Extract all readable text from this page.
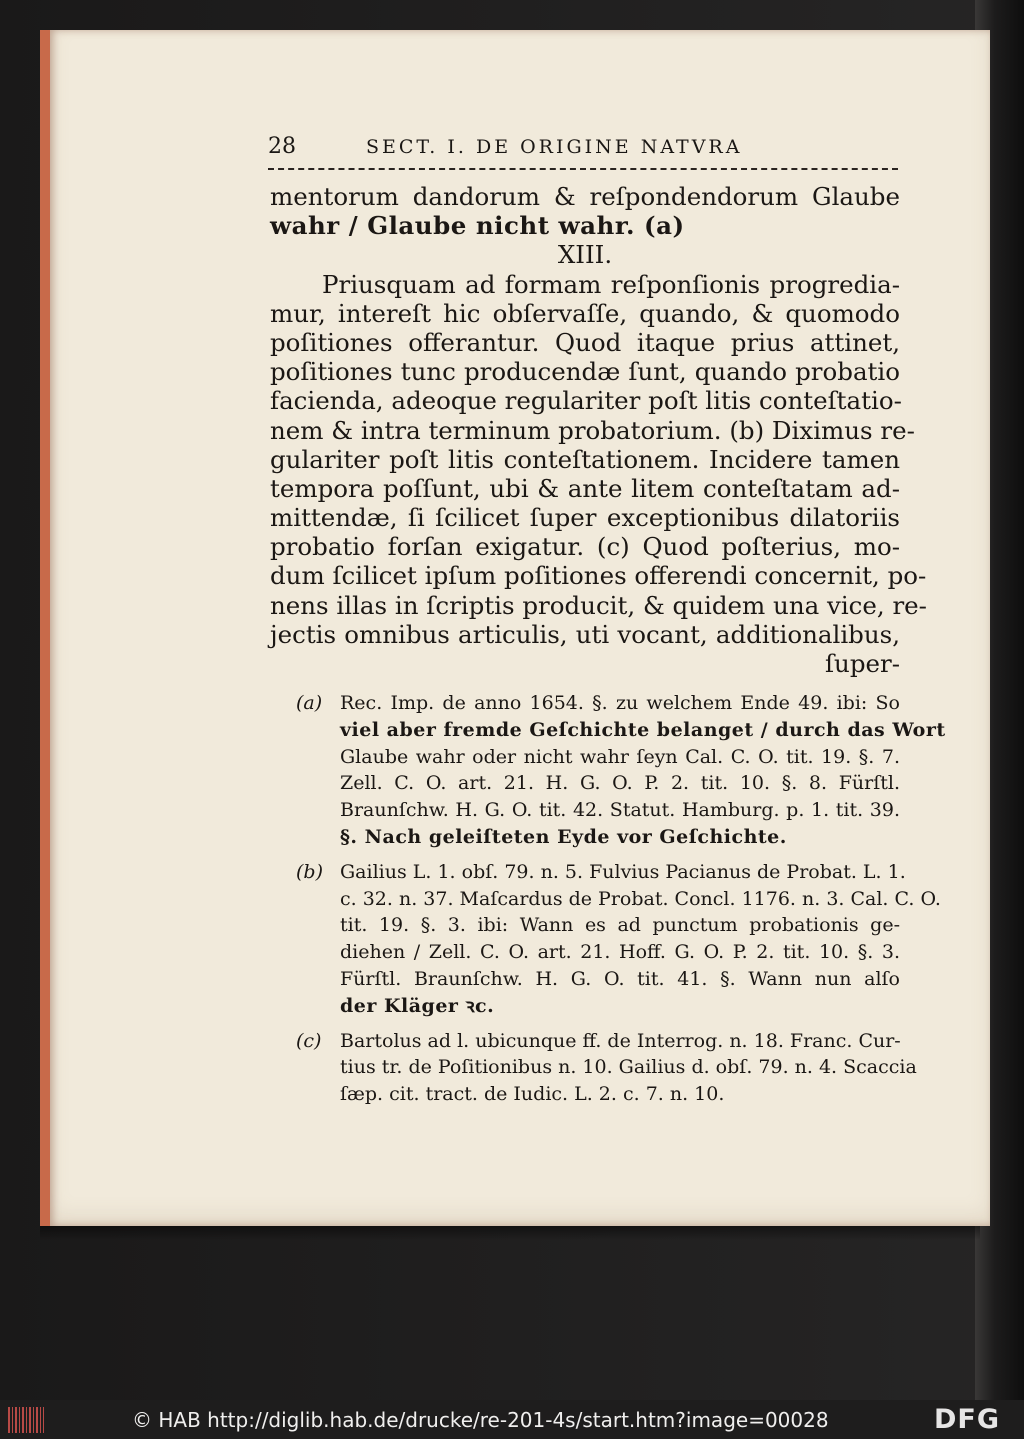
28	SECT. I. DE ORIGINE NATVRA
mentorum dandorum & reſpondendorum Glaube
wahr / Glaube nicht wahr. (a)
XIII.
Priusquam ad formam reſponſionis progredia-
mur, intereſt hic obſervaſſe, quando, & quomodo
poſitiones offerantur. Quod itaque prius attinet,
poſitiones tunc producendæ ſunt, quando probatio
facienda, adeoque regulariter poſt litis conteſtatio-
nem & intra terminum probatorium. (b) Diximus re-
gulariter poſt litis conteſtationem. Incidere tamen
tempora poſſunt, ubi & ante litem conteſtatam ad-
mittendæ, ſi ſcilicet ſuper exceptionibus dilatoriis
probatio forſan exigatur. (c) Quod poſterius, mo-
dum ſcilicet ipſum poſitiones offerendi concernit, po-
nens illas in ſcriptis producit, & quidem una vice, re-
jectis omnibus articulis, uti vocant, additionalibus,
ſuper-
(a) Rec. Imp. de anno 1654. §. zu welchem Ende 49. ibi: So
viel aber fremde Geſchichte belanget / durch das Wort
Glaube wahr oder nicht wahr ſeyn Cal. C. O. tit. 19. §. 7.
Zell. C. O. art. 21. H. G. O. P. 2. tit. 10. §. 8. Fürſtl.
Braunſchw. H. G. O. tit. 42. Statut. Hamburg. p. 1. tit. 39.
§. Nach geleiſteten Eyde vor Geſchichte.
(b) Gailius L. 1. obſ. 79. n. 5. Fulvius Pacianus de Probat. L. 1.
c. 32. n. 37. Maſcardus de Probat. Concl. 1176. n. 3. Cal. C. O.
tit. 19. §. 3. ibi: Wann es ad punctum probationis ge-
diehen / Zell. C. O. art. 21. Hoff. G. O. P. 2. tit. 10. §. 3.
Fürſtl. Braunſchw. H. G. O. tit. 41. §. Wann nun alſo
der Kläger ꝛc.
(c) Bartolus ad l. ubicunque ff. de Interrog. n. 18. Franc. Cur-
tius tr. de Poſitionibus n. 10. Gailius d. obſ. 79. n. 4. Scaccia
ſæp. cit. tract. de Iudic. L. 2. c. 7. n. 10.
© HAB http://diglib.hab.de/drucke/re-201-4s/start.htm?image=00028	DFG
